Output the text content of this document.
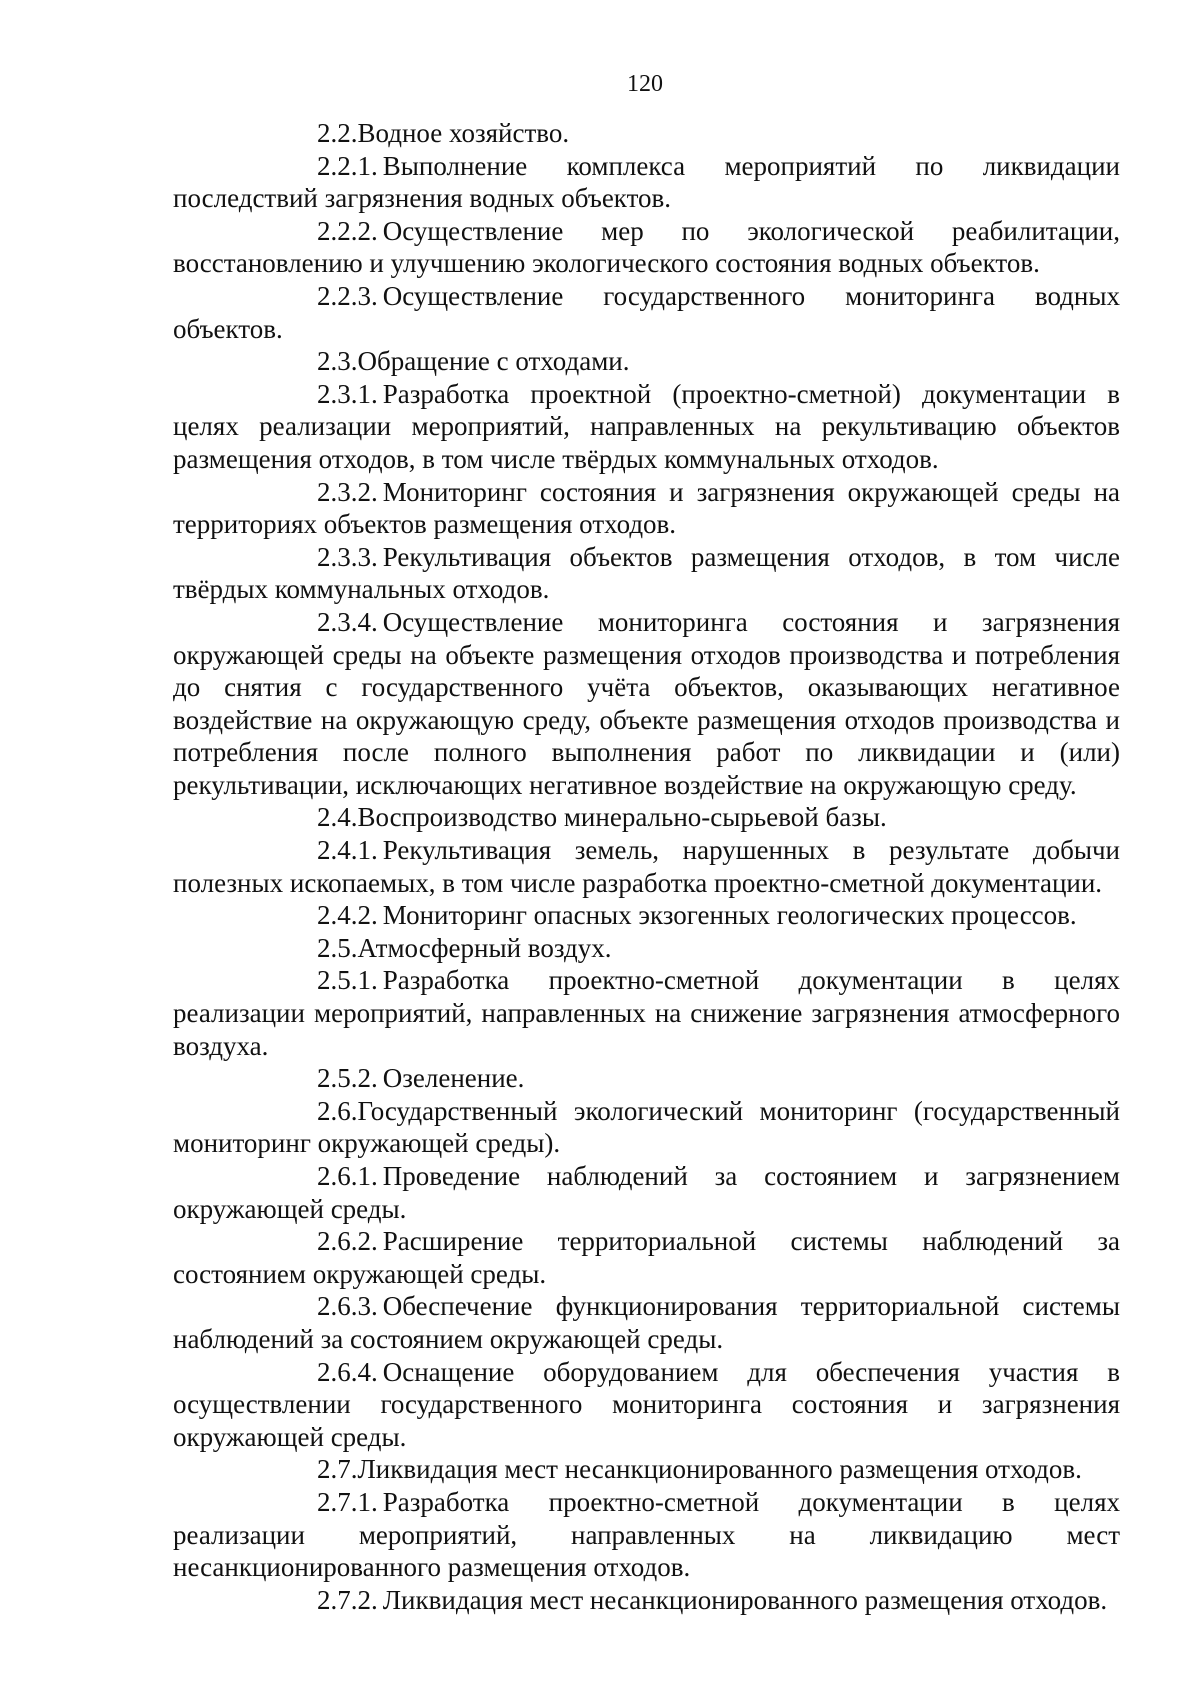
120

2.2.Водное хозяйство.

2.2.1. Выполнение комплекса мероприятий по ликвидации последствий загрязнения водных объектов.

2.2.2. Осуществление мер по экологической реабилитации, восстановлению и улучшению экологического состояния водных объектов.

2.2.3. Осуществление государственного мониторинга водных объектов.

2.3.Обращение с отходами.

2.3.1. Разработка проектной (проектно-сметной) документации в целях реализации мероприятий, направленных на рекультивацию объектов размещения отходов, в том числе твёрдых коммунальных отходов.

2.3.2. Мониторинг состояния и загрязнения окружающей среды на территориях объектов размещения отходов.

2.3.3. Рекультивация объектов размещения отходов, в том числе твёрдых коммунальных отходов.

2.3.4. Осуществление мониторинга состояния и загрязнения окружающей среды на объекте размещения отходов производства и потребления до снятия с государственного учёта объектов, оказывающих негативное воздействие на окружающую среду, объекте размещения отходов производства и потребления после полного выполнения работ по ликвидации и (или) рекультивации, исключающих негативное воздействие на окружающую среду.

2.4.Воспроизводство минерально-сырьевой базы.

2.4.1. Рекультивация земель, нарушенных в результате добычи полезных ископаемых, в том числе разработка проектно-сметной документации.

2.4.2. Мониторинг опасных экзогенных геологических процессов.

2.5.Атмосферный воздух.

2.5.1. Разработка проектно-сметной документации в целях реализации мероприятий, направленных на снижение загрязнения атмосферного воздуха.

2.5.2. Озеленение.

2.6.Государственный экологический мониторинг (государственный мониторинг окружающей среды).

2.6.1. Проведение наблюдений за состоянием и загрязнением окружающей среды.

2.6.2. Расширение территориальной системы наблюдений за состоянием окружающей среды.

2.6.3. Обеспечение функционирования территориальной системы наблюдений за состоянием окружающей среды.

2.6.4. Оснащение оборудованием для обеспечения участия в осуществлении государственного мониторинга состояния и загрязнения окружающей среды.

2.7.Ликвидация мест несанкционированного размещения отходов.

2.7.1. Разработка проектно-сметной документации в целях реализации мероприятий, направленных на ликвидацию мест несанкционированного размещения отходов.

2.7.2. Ликвидация мест несанкционированного размещения отходов.
